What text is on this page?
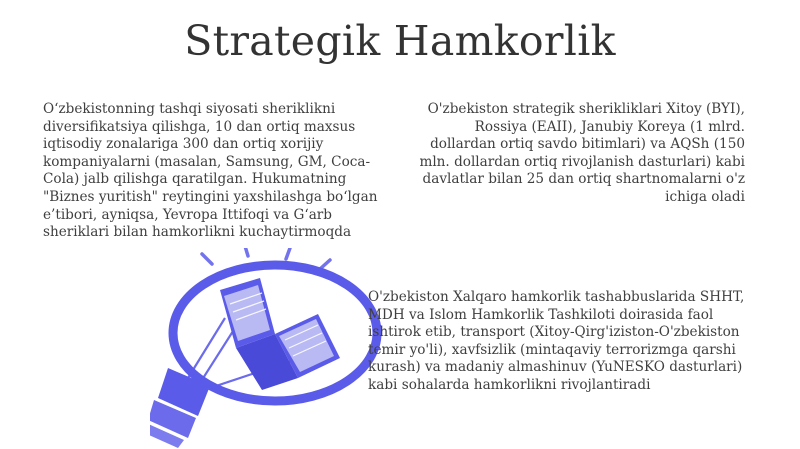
Strategik Hamkorlik

O‘zbekistonning tashqi siyosati sheriklikni diversifikatsiya qilishga, 10 dan ortiq maxsus iqtisodiy zonalariga 300 dan ortiq xorijiy kompaniyalarni (masalan, Samsung, GM, Coca-Cola) jalb qilishga qaratilgan. Hukumatning "Biznes yuritish" reytingini yaxshilashga bo‘lgan e’tibori, ayniqsa, Yevropa Ittifoqi va G‘arb sheriklari bilan hamkorlikni kuchaytirmoqda

O'zbekiston strategik sherikliklari Xitoy (BYI), Rossiya (EAII), Janubiy Koreya (1 mlrd. dollardan ortiq savdo bitimlari) va AQSh (150 mln. dollardan ortiq rivojlanish dasturlari) kabi davlatlar bilan 25 dan ortiq shartnomalarni o'z ichiga oladi

O'zbekiston Xalqaro hamkorlik tashabbuslarida SHHT, MDH va Islom Hamkorlik Tashkiloti doirasida faol ishtirok etib, transport (Xitoy-Qirg'iziston-O'zbekiston temir yo'li), xavfsizlik (mintaqaviy terrorizmga qarshi kurash) va madaniy almashinuv (YuNESKO dasturlari) kabi sohalarda hamkorlikni rivojlantiradi
